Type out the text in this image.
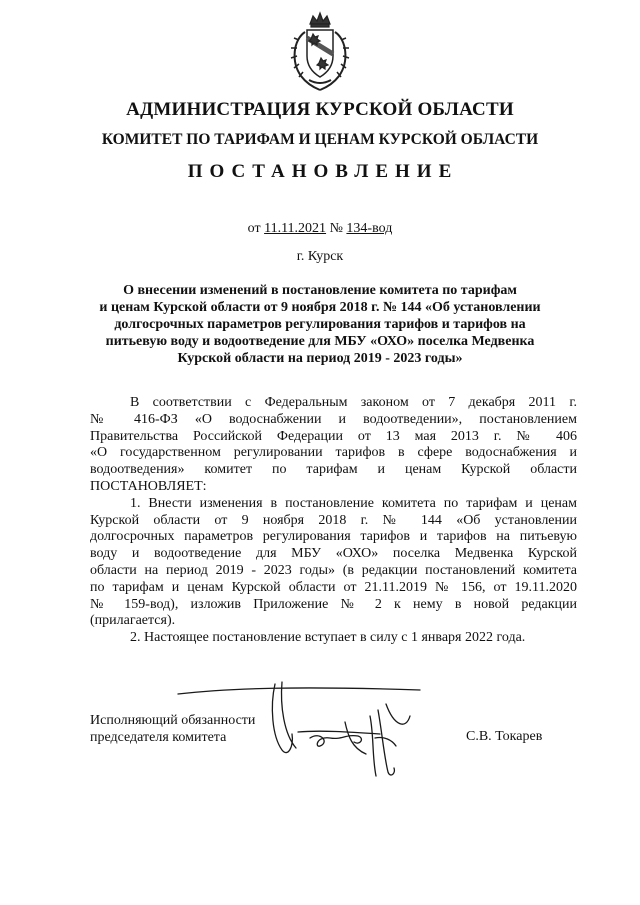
АДМИНИСТРАЦИЯ КУРСКОЙ ОБЛАСТИ
КОМИТЕТ ПО ТАРИФАМ И ЦЕНАМ КУРСКОЙ ОБЛАСТИ
ПОСТАНОВЛЕНИЕ
от 11.11.2021 № 134-вод
г. Курск
О внесении изменений в постановление комитета по тарифам
и ценам Курской области от 9 ноября 2018 г. № 144 «Об установлении
долгосрочных параметров регулирования тарифов и тарифов на
питьевую воду и водоотведение для МБУ «ОХО» поселка Медвенка
Курской области на период 2019 - 2023 годы»
В соответствии с Федеральным законом от 7 декабря 2011 г.
№ 416-ФЗ «О водоснабжении и водоотведении», постановлением
Правительства Российской Федерации от 13 мая 2013 г. № 406
«О государственном регулировании тарифов в сфере водоснабжения и
водоотведения» комитет по тарифам и ценам Курской области
ПОСТАНОВЛЯЕТ:
1. Внести изменения в постановление комитета по тарифам и ценам
Курской области от 9 ноября 2018 г. № 144 «Об установлении
долгосрочных параметров регулирования тарифов и тарифов на питьевую
воду и водоотведение для МБУ «ОХО» поселка Медвенка Курской
области на период 2019 - 2023 годы» (в редакции постановлений комитета
по тарифам и ценам Курской области от 21.11.2019 № 156, от 19.11.2020
№ 159-вод), изложив Приложение № 2 к нему в новой редакции
(прилагается).
2. Настоящее постановление вступает в силу с 1 января 2022 года.
Исполняющий обязанности
председателя комитета	С.В. Токарев
